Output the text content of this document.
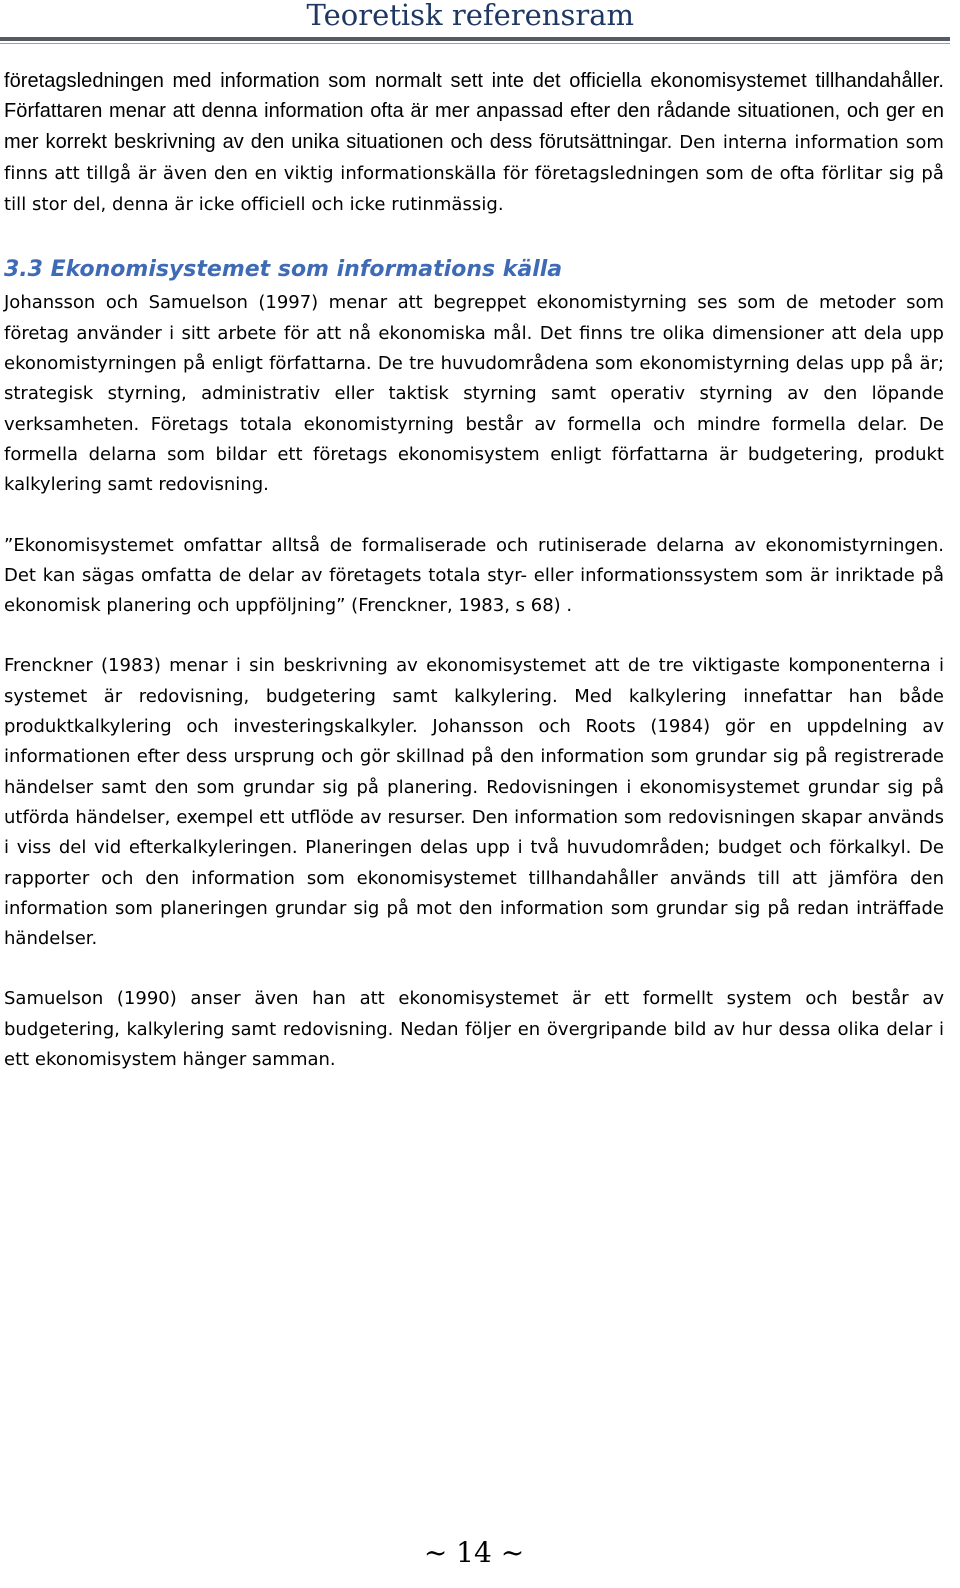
Teoretisk referensram

företagsledningen med information som normalt sett inte det officiella ekonomisystemet tillhandahåller. Författaren menar att denna information ofta är mer anpassad efter den rådande situationen, och ger en mer korrekt beskrivning av den unika situationen och dess förutsättningar. Den interna information som finns att tillgå är även den en viktig informationskälla för företagsledningen som de ofta förlitar sig på till stor del, denna är icke officiell och icke rutinmässig.

3.3 Ekonomisystemet som informations källa

Johansson och Samuelson (1997) menar att begreppet ekonomistyrning ses som de metoder som företag använder i sitt arbete för att nå ekonomiska mål. Det finns tre olika dimensioner att dela upp ekonomistyrningen på enligt författarna. De tre huvudområdena som ekonomistyrning delas upp på är; strategisk styrning, administrativ eller taktisk styrning samt operativ styrning av den löpande verksamheten. Företags totala ekonomistyrning består av formella och mindre formella delar. De formella delarna som bildar ett företags ekonomisystem enligt författarna är budgetering, produkt kalkylering samt redovisning.

”Ekonomisystemet omfattar alltså de formaliserade och rutiniserade delarna av ekonomistyrningen. Det kan sägas omfatta de delar av företagets totala styr- eller informationssystem som är inriktade på ekonomisk planering och uppföljning” (Frenckner, 1983, s 68) .

Frenckner (1983) menar i sin beskrivning av ekonomisystemet att de tre viktigaste komponenterna i systemet är redovisning, budgetering samt kalkylering. Med kalkylering innefattar han både produktkalkylering och investeringskalkyler. Johansson och Roots (1984) gör en uppdelning av informationen efter dess ursprung och gör skillnad på den information som grundar sig på registrerade händelser samt den som grundar sig på planering. Redovisningen i ekonomisystemet grundar sig på utförda händelser, exempel ett utflöde av resurser. Den information som redovisningen skapar används i viss del vid efterkalkyleringen. Planeringen delas upp i två huvudområden; budget och förkalkyl. De rapporter och den information som ekonomisystemet tillhandahåller används till att jämföra den information som planeringen grundar sig på mot den information som grundar sig på redan inträffade händelser.

Samuelson (1990) anser även han att ekonomisystemet är ett formellt system och består av budgetering, kalkylering samt redovisning. Nedan följer en övergripande bild av hur dessa olika delar i ett ekonomisystem hänger samman.

~ 14 ~
